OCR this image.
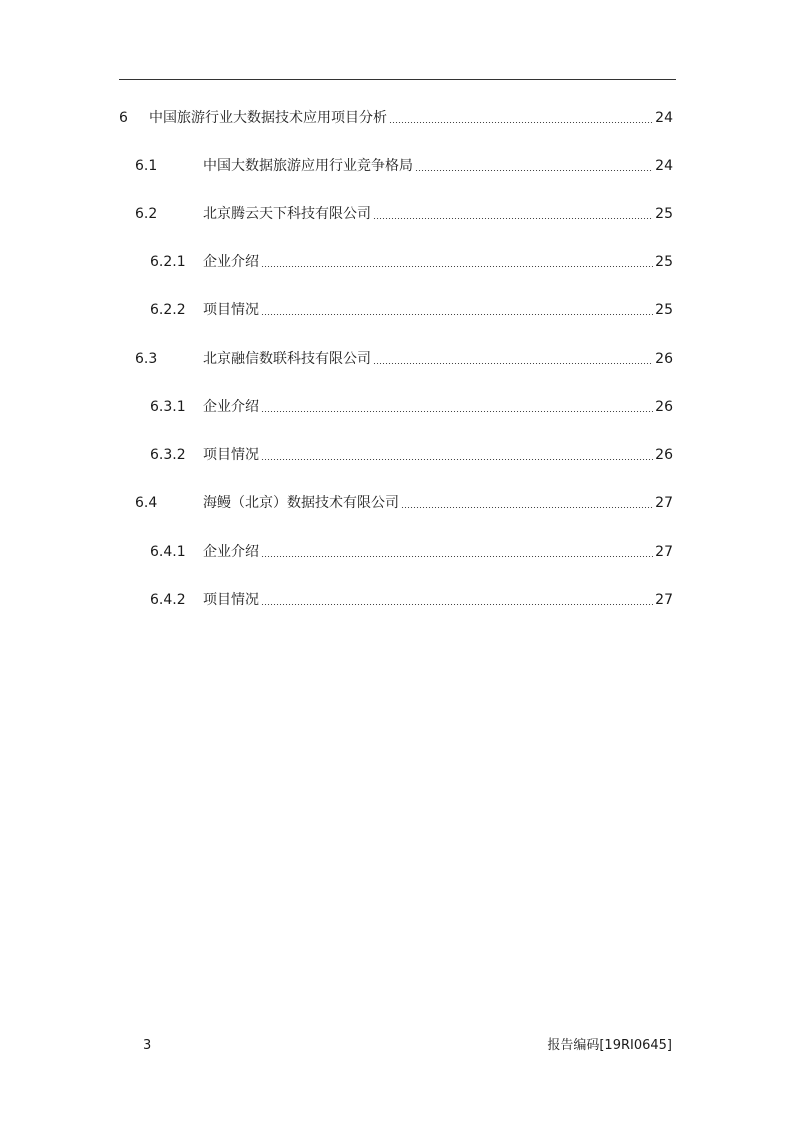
6	中国旅游行业大数据技术应用项目分析	24
6.1	中国大数据旅游应用行业竞争格局	24
6.2	北京腾云天下科技有限公司	25
6.2.1	企业介绍	25
6.2.2	项目情况	25
6.3	北京融信数联科技有限公司	26
6.3.1	企业介绍	26
6.3.2	项目情况	26
6.4	海鳗（北京）数据技术有限公司	27
6.4.1	企业介绍	27
6.4.2	项目情况	27
3	报告编码[19RI0645]
